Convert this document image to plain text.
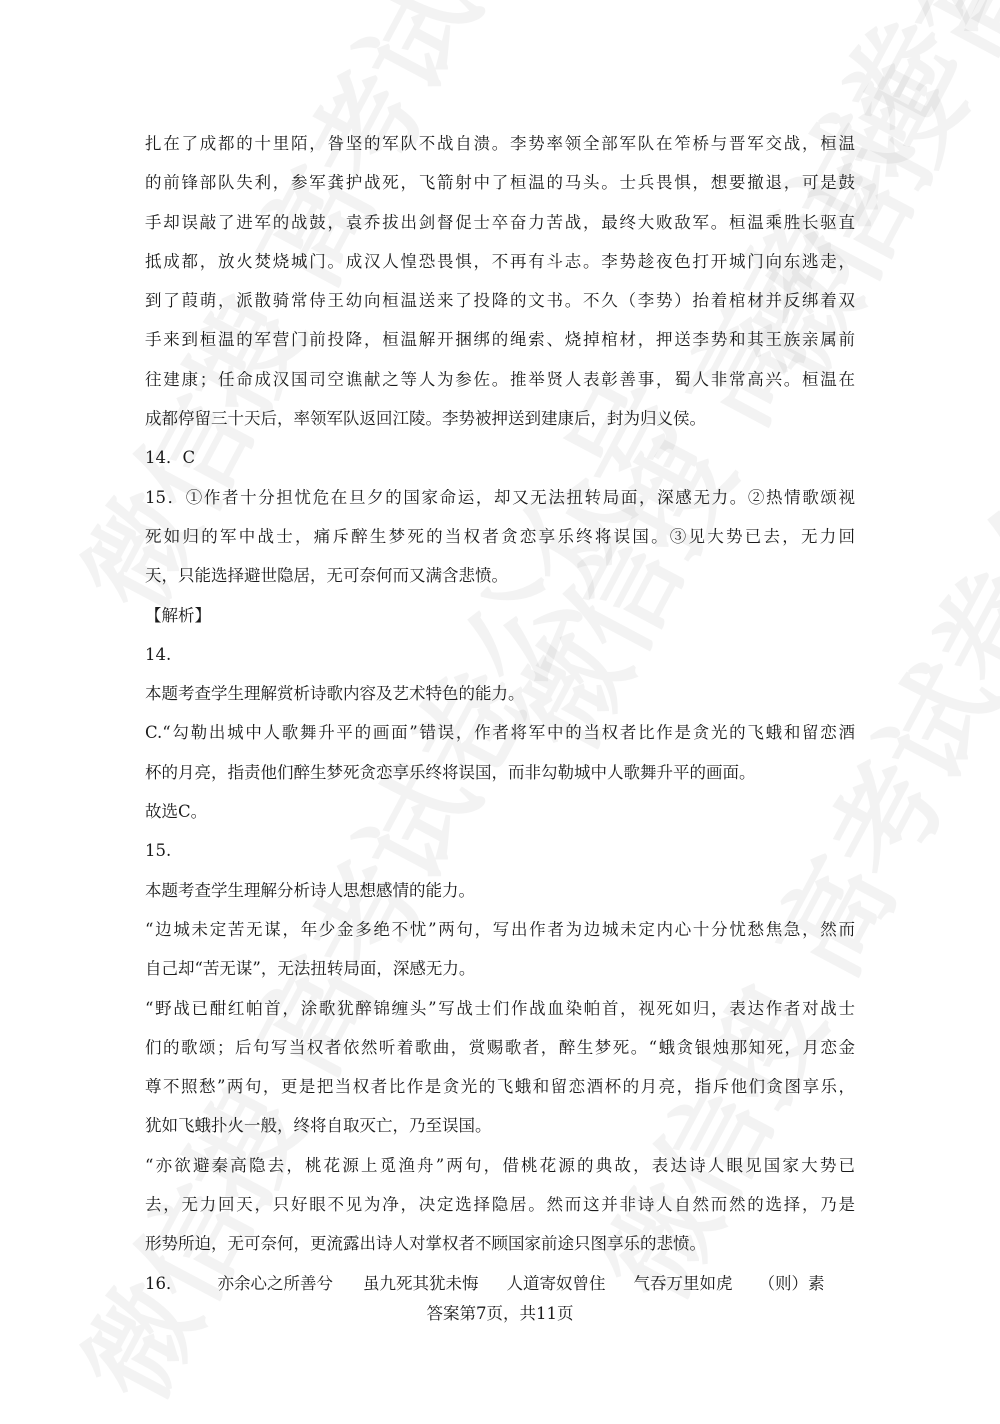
扎在了成都的十里陌，昝坚的军队不战自溃。李势率领全部军队在笮桥与晋军交战，桓温
的前锋部队失利，参军龚护战死，飞箭射中了桓温的马头。士兵畏惧，想要撤退，可是鼓
手却误敲了进军的战鼓，袁乔拔出剑督促士卒奋力苦战，最终大败敌军。桓温乘胜长驱直
抵成都，放火焚烧城门。成汉人惶恐畏惧，不再有斗志。李势趁夜色打开城门向东逃走，
到了葭萌，派散骑常侍王幼向桓温送来了投降的文书。不久（李势）抬着棺材并反绑着双
手来到桓温的军营门前投降，桓温解开捆绑的绳索、烧掉棺材，押送李势和其王族亲属前
往建康；任命成汉国司空谯献之等人为参佐。推举贤人表彰善事，蜀人非常高兴。桓温在
成都停留三十天后，率领军队返回江陵。李势被押送到建康后，封为归义侯。
14．C
15．①作者十分担忧危在旦夕的国家命运，却又无法扭转局面，深感无力。②热情歌颂视
死如归的军中战士，痛斥醉生梦死的当权者贪恋享乐终将误国。③见大势已去，无力回
天，只能选择避世隐居，无可奈何而又满含悲愤。
【解析】
14.
本题考查学生理解赏析诗歌内容及艺术特色的能力。
C.“勾勒出城中人歌舞升平的画面”错误，作者将军中的当权者比作是贪光的飞蛾和留恋酒
杯的月亮，指责他们醉生梦死贪恋享乐终将误国，而非勾勒城中人歌舞升平的画面。
故选C。
15.
本题考查学生理解分析诗人思想感情的能力。
“边城未定苦无谋，年少金多绝不忧”两句，写出作者为边城未定内心十分忧愁焦急，然而
自己却“苦无谋”，无法扭转局面，深感无力。
“野战已酣红帕首，涂歌犹醉锦缠头”写战士们作战血染帕首，视死如归，表达作者对战士
们的歌颂；后句写当权者依然听着歌曲，赏赐歌者，醉生梦死。“蛾贪银烛那知死，月恋金
尊不照愁”两句，更是把当权者比作是贪光的飞蛾和留恋酒杯的月亮，指斥他们贪图享乐，
犹如飞蛾扑火一般，终将自取灭亡，乃至误国。
“亦欲避秦高隐去，桃花源上觅渔舟”两句，借桃花源的典故，表达诗人眼见国家大势已
去，无力回天，只好眼不见为净，决定选择隐居。然而这并非诗人自然而然的选择，乃是
形势所迫，无可奈何，更流露出诗人对掌权者不顾国家前途只图享乐的悲愤。
16． 亦余心之所善兮 虽九死其犹未悔 人道寄奴曾住 气吞万里如虎 （则）素
答案第7页，共11页
